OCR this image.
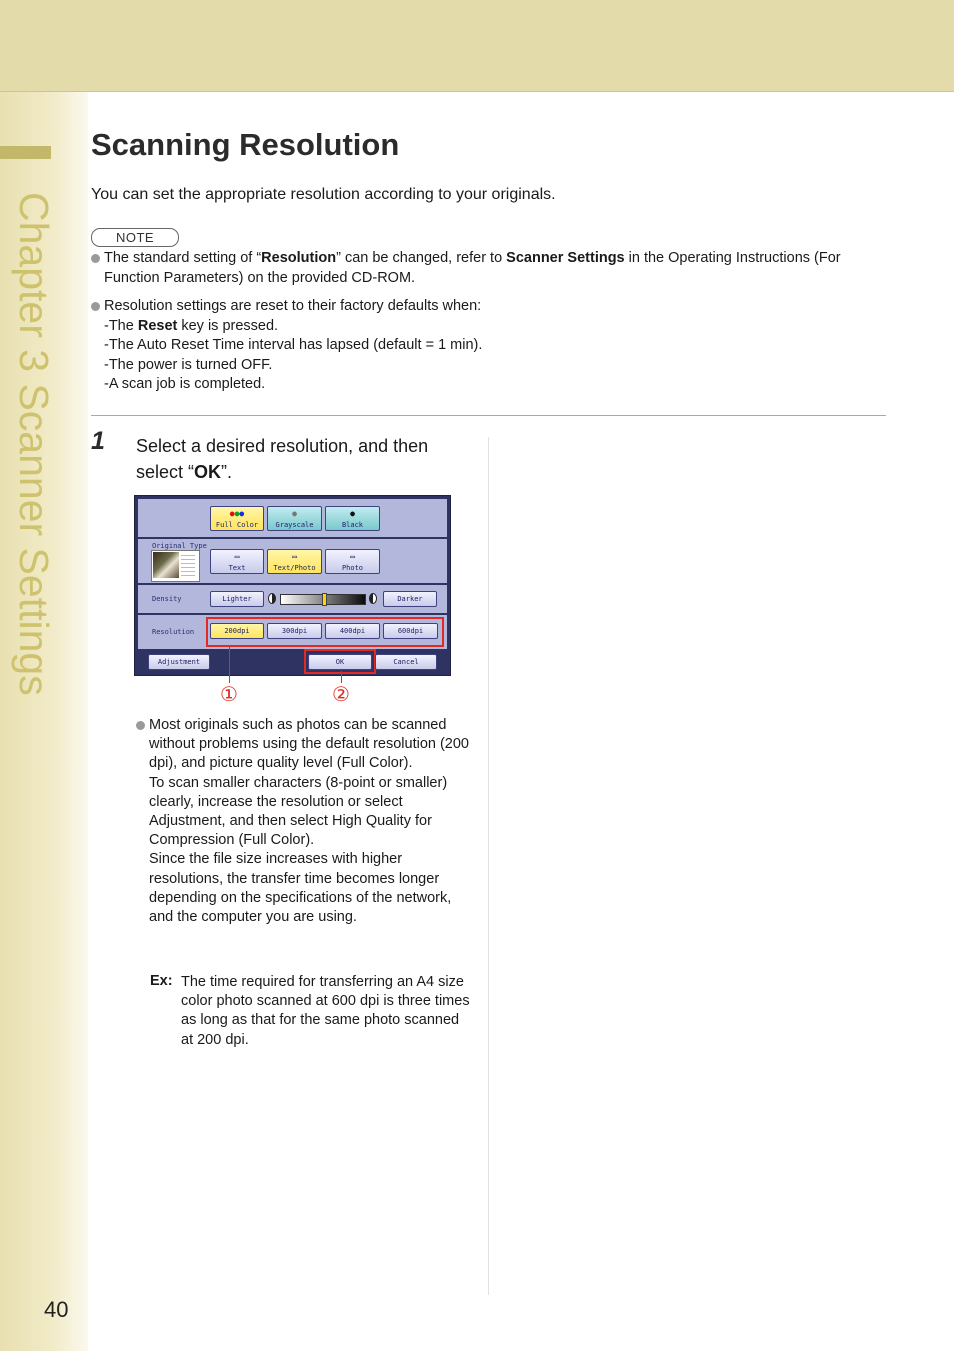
Chapter 3 Scanner Settings
Scanning Resolution
You can set the appropriate resolution according to your originals.
NOTE
The standard setting of “Resolution” can be changed, refer to Scanner Settings in the Operating Instructions (For Function Parameters) on the provided CD-ROM.
Resolution settings are reset to their factory defaults when:
-The Reset key is pressed.
-The Auto Reset Time interval has lapsed (default = 1 min).
-The power is turned OFF.
-A scan job is completed.
1 Select a desired resolution, and then select “OK”.
●●●
Full Color
●
Grayscale
●
Black
Original Type
▭
Text
▭
Text/Photo
▭
Photo
Density	Lighter	Darker
Resolution	200dpi	300dpi	400dpi	600dpi
Adjustment	OK	Cancel
①	②

Most originals such as photos can be scanned without problems using the default resolution (200 dpi), and picture quality level (Full Color).

To scan smaller characters (8-point or smaller) clearly, increase the resolution or select Adjustment, and then select High Quality for Compression (Full Color).

Since the file size increases with higher resolutions, the transfer time becomes longer depending on the specifications of the network, and the computer you are using.

Ex: The time required for transferring an A4 size color photo scanned at 600 dpi is three times as long as that for the same photo scanned at 200 dpi.
40
